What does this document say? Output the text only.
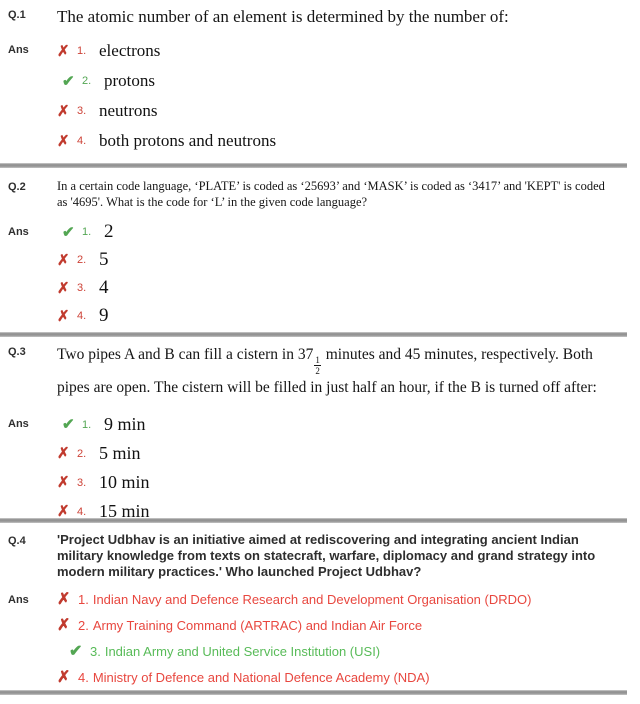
Q.1	The atomic number of an element is determined by the number of:
Ans	✗ 1. electrons
✔ 2. protons
✗ 3. neutrons
✗ 4. both protons and neutrons
Q.2	In a certain code language, ‘PLATE’ is coded as ‘25693’ and ‘MASK’ is coded as ‘3417’ and 'KEPT' is coded as '4695'. What is the code for ‘L’ in the given code language?
Ans	✔ 1. 2
✗ 2. 5
✗ 3. 4
✗ 4. 9
Q.3	Two pipes A and B can fill a cistern in 37
$\frac{1}{2}$
minutes and 45 minutes, respectively. Both pipes are open. The cistern will be filled in just half an hour, if the B is turned off after:
Ans	✔ 1. 9 min
✗ 2. 5 min
✗ 3. 10 min
✗ 4. 15 min
Q.4	'Project Udbhav is an initiative aimed at rediscovering and integrating ancient Indian military knowledge from texts on statecraft, warfare, diplomacy and grand strategy into modern military practices.' Who launched Project Udbhav?
Ans	✗ 1. Indian Navy and Defence Research and Development Organisation (DRDO)
✗ 2. Army Training Command (ARTRAC) and Indian Air Force
✔ 3. Indian Army and United Service Institution (USI)
✗ 4. Ministry of Defence and National Defence Academy (NDA)
